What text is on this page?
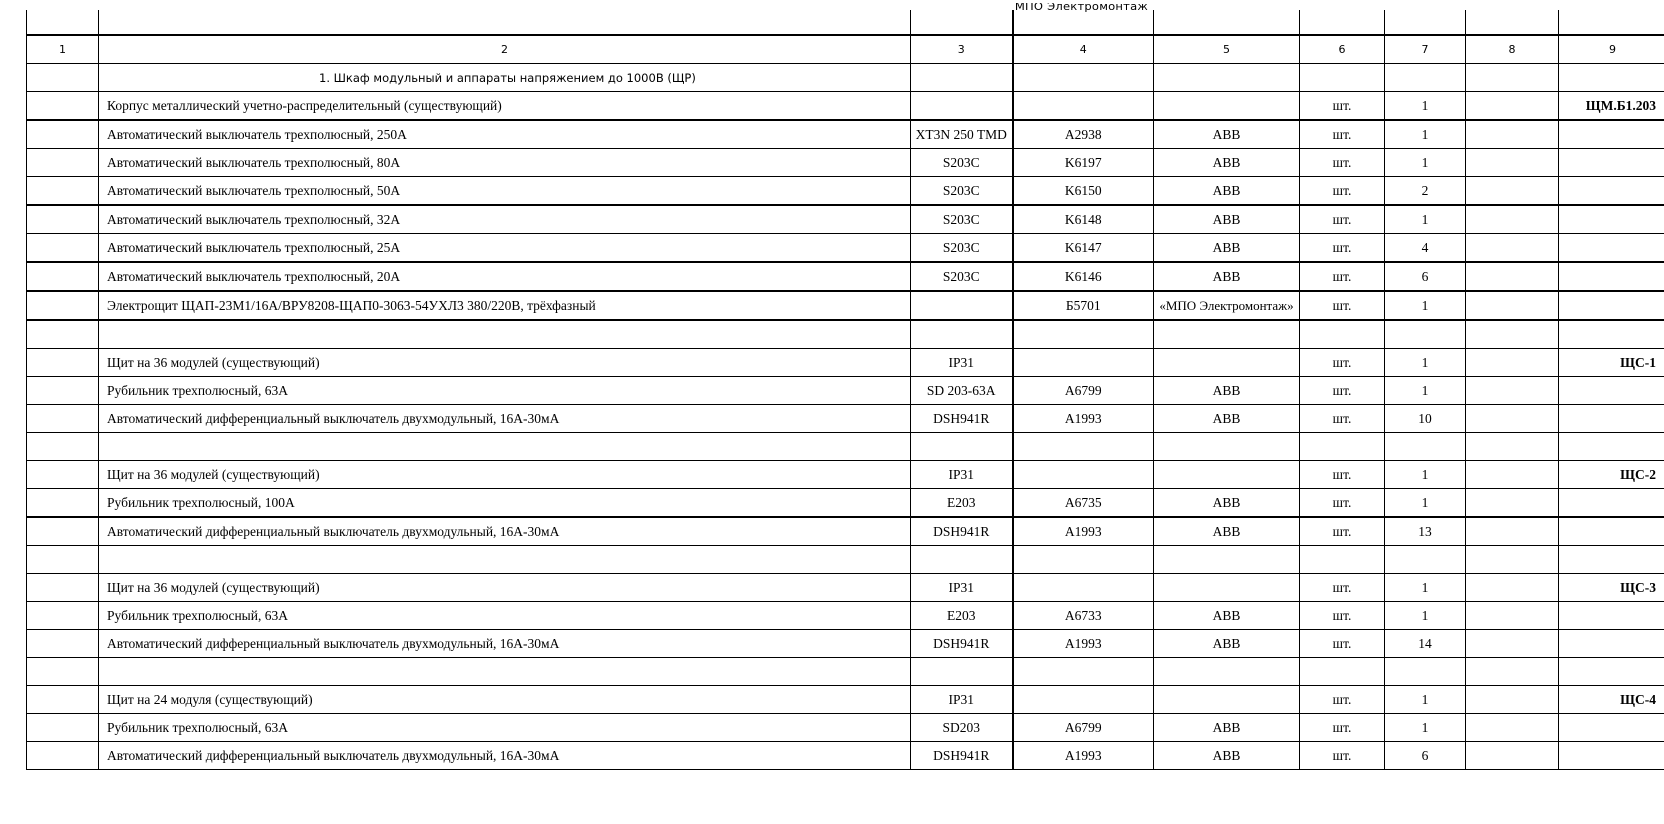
МПО Электромонтаж
1	2	3	4	5	6	7	8	9
	1. Шкаф модульный и аппараты напряжением до 1000В (ЩР)							
	Корпус металлический учетно-распределительный (существующий)				шт.	1		ЩМ.Б1.203
	Автоматический выключатель трехполюсный, 250А	XT3N 250 TMD	A2938	ABB	шт.	1		
	Автоматический выключатель трехполюсный, 80А	S203C	K6197	ABB	шт.	1		
	Автоматический выключатель трехполюсный, 50А	S203C	K6150	ABB	шт.	2		
	Автоматический выключатель трехполюсный, 32А	S203C	K6148	ABB	шт.	1		
	Автоматический выключатель трехполюсный, 25А	S203C	K6147	ABB	шт.	4		
	Автоматический выключатель трехполюсный, 20А	S203C	K6146	ABB	шт.	6		
	Электрощит ЩАП-23М1/16А/ВРУ8208-ЩАП0-3063-54УХЛ3 380/220В, трёхфазный		Б5701	«МПО Электромонтаж»	шт.	1		

	Щит на 36 модулей (существующий)	IP31			шт.	1		ЩС-1
	Рубильник трехполюсный, 63А	SD 203-63A	A6799	ABB	шт.	1		
	Автоматический дифференциальный выключатель двухмодульный, 16А-30мА	DSH941R	A1993	ABB	шт.	10		

	Щит на 36 модулей (существующий)	IP31			шт.	1		ЩС-2
	Рубильник трехполюсный, 100А	E203	A6735	ABB	шт.	1		
	Автоматический дифференциальный выключатель двухмодульный, 16А-30мА	DSH941R	A1993	ABB	шт.	13		

	Щит на 36 модулей (существующий)	IP31			шт.	1		ЩС-3
	Рубильник трехполюсный, 63А	E203	A6733	ABB	шт.	1		
	Автоматический дифференциальный выключатель двухмодульный, 16А-30мА	DSH941R	A1993	ABB	шт.	14		

	Щит на 24 модуля (существующий)	IP31			шт.	1		ЩС-4
	Рубильник трехполюсный, 63А	SD203	A6799	ABB	шт.	1		
	Автоматический дифференциальный выключатель двухмодульный, 16А-30мА	DSH941R	A1993	ABB	шт.	6		
